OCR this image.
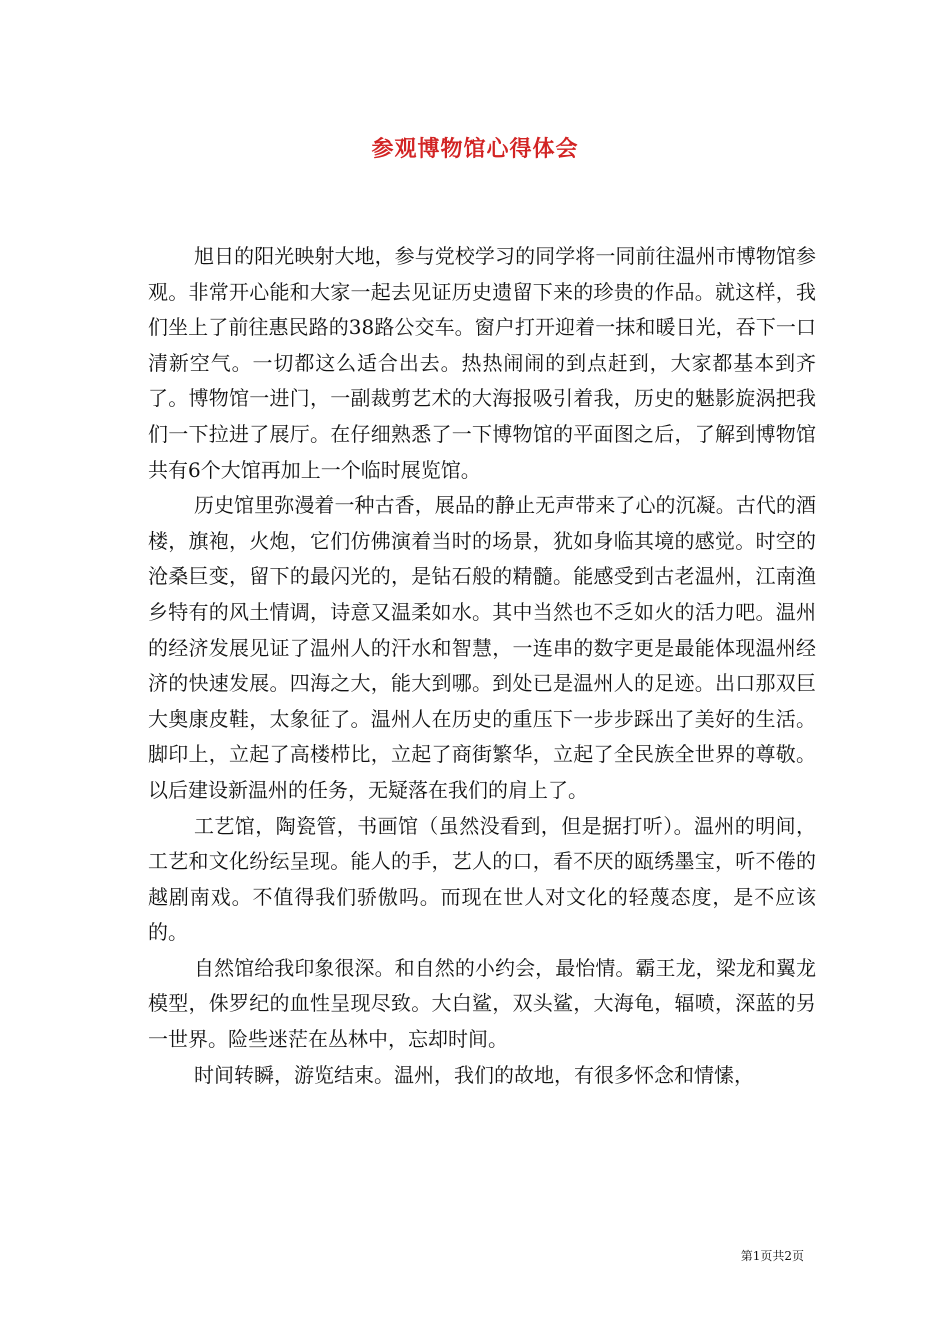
参观博物馆心得体会

旭日的阳光映射大地，参与党校学习的同学将一同前往温州市博物馆参观。非常开心能和大家一起去见证历史遗留下来的珍贵的作品。就这样，我们坐上了前往惠民路的38路公交车。窗户打开迎着一抹和暖日光，吞下一口清新空气。一切都这么适合出去。热热闹闹的到点赶到，大家都基本到齐了。博物馆一进门，一副裁剪艺术的大海报吸引着我，历史的魅影旋涡把我们一下拉进了展厅。在仔细熟悉了一下博物馆的平面图之后，了解到博物馆共有6个大馆再加上一个临时展览馆。

历史馆里弥漫着一种古香，展品的静止无声带来了心的沉凝。古代的酒楼，旗袍，火炮，它们仿佛演着当时的场景，犹如身临其境的感觉。时空的沧桑巨变，留下的最闪光的，是钻石般的精髓。能感受到古老温州，江南渔乡特有的风土情调，诗意又温柔如水。其中当然也不乏如火的活力吧。温州的经济发展见证了温州人的汗水和智慧，一连串的数字更是最能体现温州经济的快速发展。四海之大，能大到哪。到处已是温州人的足迹。出口那双巨大奥康皮鞋，太象征了。温州人在历史的重压下一步步踩出了美好的生活。脚印上，立起了高楼栉比，立起了商街繁华，立起了全民族全世界的尊敬。以后建设新温州的任务，无疑落在我们的肩上了。

工艺馆，陶瓷管，书画馆（虽然没看到，但是据打听）。温州的明间，工艺和文化纷纭呈现。能人的手，艺人的口，看不厌的瓯绣墨宝，听不倦的越剧南戏。不值得我们骄傲吗。而现在世人对文化的轻蔑态度，是不应该的。

自然馆给我印象很深。和自然的小约会，最怡情。霸王龙，梁龙和翼龙模型，侏罗纪的血性呈现尽致。大白鲨，双头鲨，大海龟，辐喷，深蓝的另一世界。险些迷茫在丛林中，忘却时间。

时间转瞬，游览结束。温州，我们的故地，有很多怀念和情愫，

第1页共2页
